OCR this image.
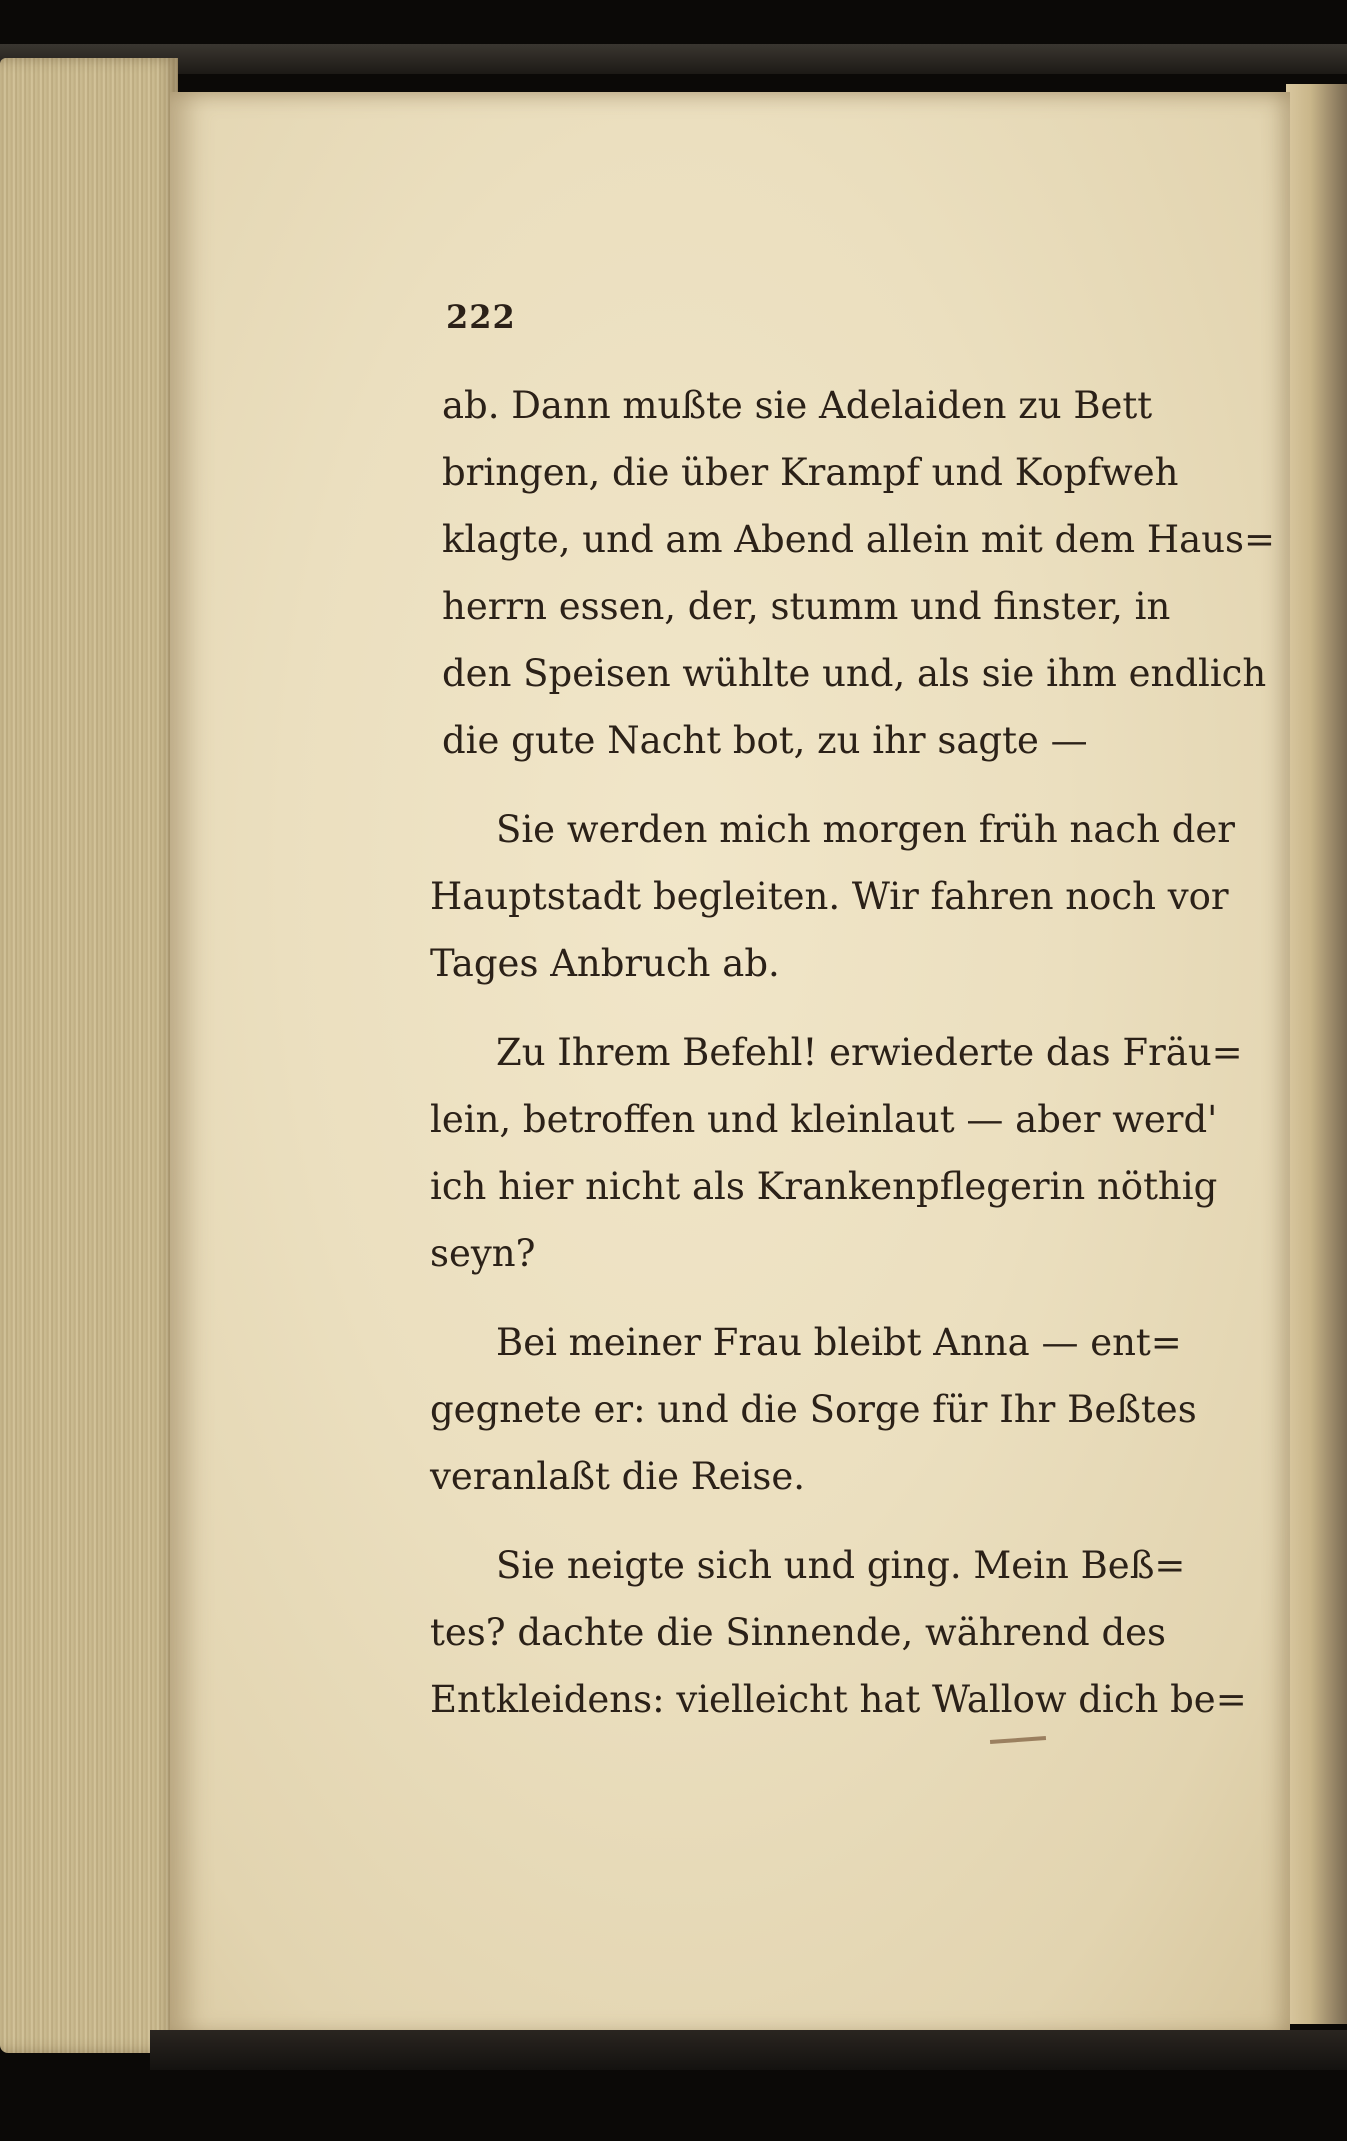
222
ab. Dann mußte sie Adelaiden zu Bett
bringen, die über Krampf und Kopfweh
klagte, und am Abend allein mit dem Haus=
herrn essen, der, stumm und finster, in
den Speisen wühlte und, als sie ihm endlich
die gute Nacht bot, zu ihr sagte —
Sie werden mich morgen früh nach der
Hauptstadt begleiten. Wir fahren noch vor
Tages Anbruch ab.
Zu Ihrem Befehl! erwiederte das Fräu=
lein, betroffen und kleinlaut — aber werd'
ich hier nicht als Krankenpflegerin nöthig
seyn?
Bei meiner Frau bleibt Anna — ent=
gegnete er: und die Sorge für Ihr Beßtes
veranlaßt die Reise.
Sie neigte sich und ging. Mein Beß=
tes? dachte die Sinnende, während des
Entkleidens: vielleicht hat Wallow dich be=
